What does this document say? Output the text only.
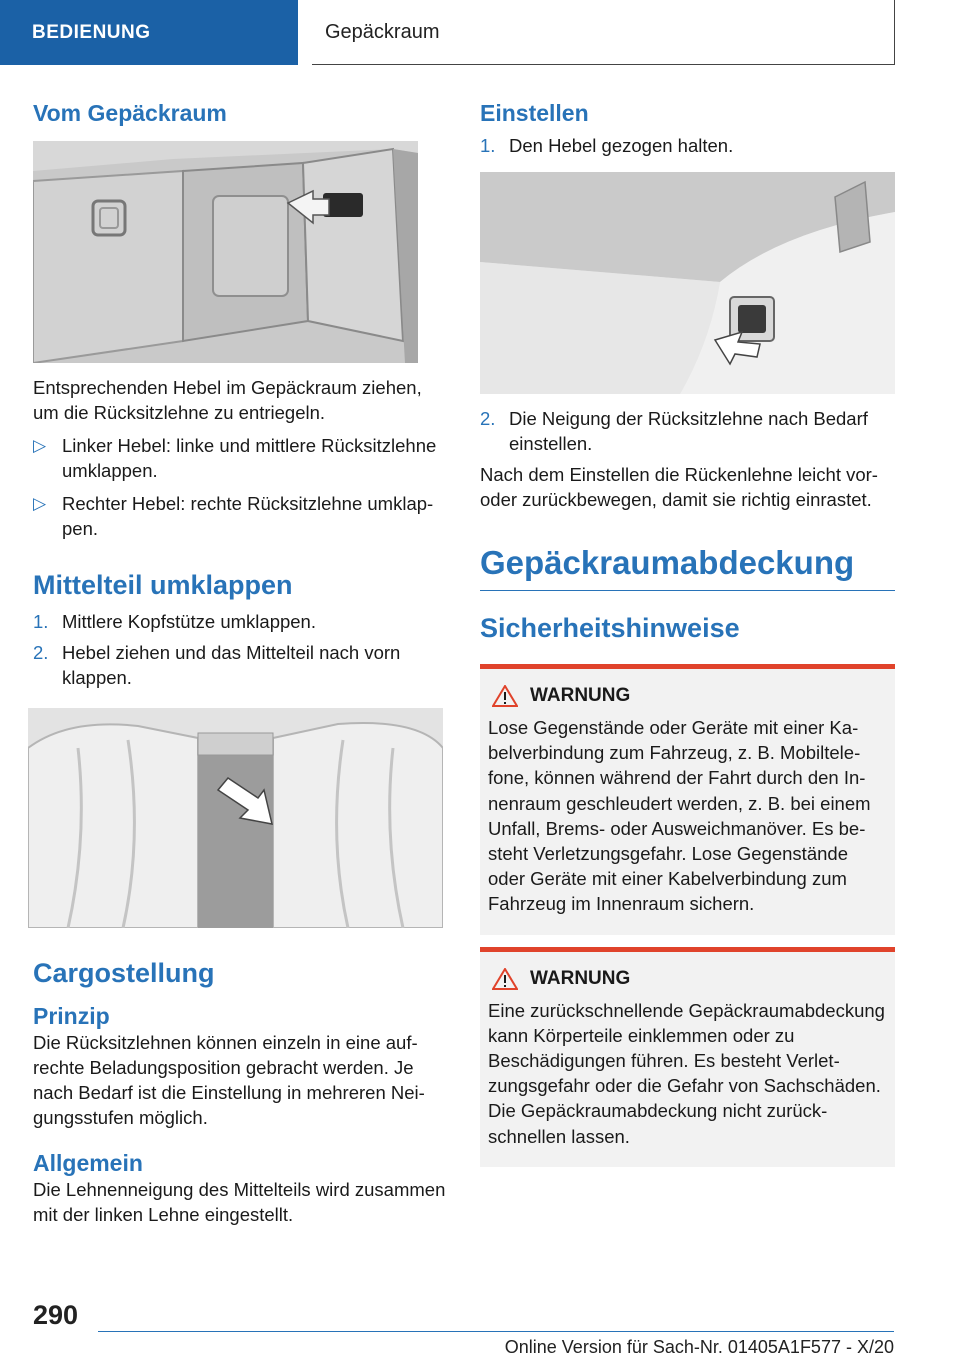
BEDIENUNG	Gepäckraum
Vom Gepäckraum

Entsprechenden Hebel im Gepäckraum ziehen, um die Rücksitzlehne zu entriegeln.

▷ Linker Hebel: linke und mittlere Rücksitzlehne umklappen.
▷ Rechter Hebel: rechte Rücksitzlehne umklappen.
Mittelteil umklappen
1. Mittlere Kopfstütze umklappen.
2. Hebel ziehen und das Mittelteil nach vorn klappen.
Cargostellung
Prinzip

Die Rücksitzlehnen können einzeln in eine aufrechte Beladungsposition gebracht werden. Je nach Bedarf ist die Einstellung in mehreren Neigungsstufen möglich.

Allgemein

Die Lehnenneigung des Mittelteils wird zusammen mit der linken Lehne eingestellt.

Einstellen
1. Den Hebel gezogen halten.
2. Die Neigung der Rücksitzlehne nach Bedarf einstellen.

Nach dem Einstellen die Rückenlehne leicht vor- oder zurückbewegen, damit sie richtig einrastet.

Gepäckraumabdeckung
Sicherheitshinweise
WARNUNG

Lose Gegenstände oder Geräte mit einer Kabelverbindung zum Fahrzeug, z. B. Mobiltelefone, können während der Fahrt durch den Innenraum geschleudert werden, z. B. bei einem Unfall, Brems- oder Ausweichmanöver. Es besteht Verletzungsgefahr. Lose Gegenstände oder Geräte mit einer Kabelverbindung zum Fahrzeug im Innenraum sichern.

WARNUNG

Eine zurückschnellende Gepäckraumabdeckung kann Körperteile einklemmen oder zu Beschädigungen führen. Es besteht Verletzungsgefahr oder die Gefahr von Sachschäden. Die Gepäckraumabdeckung nicht zurückschnellen lassen.

290
Online Version für Sach-Nr. 01405A1F577 - X/20
